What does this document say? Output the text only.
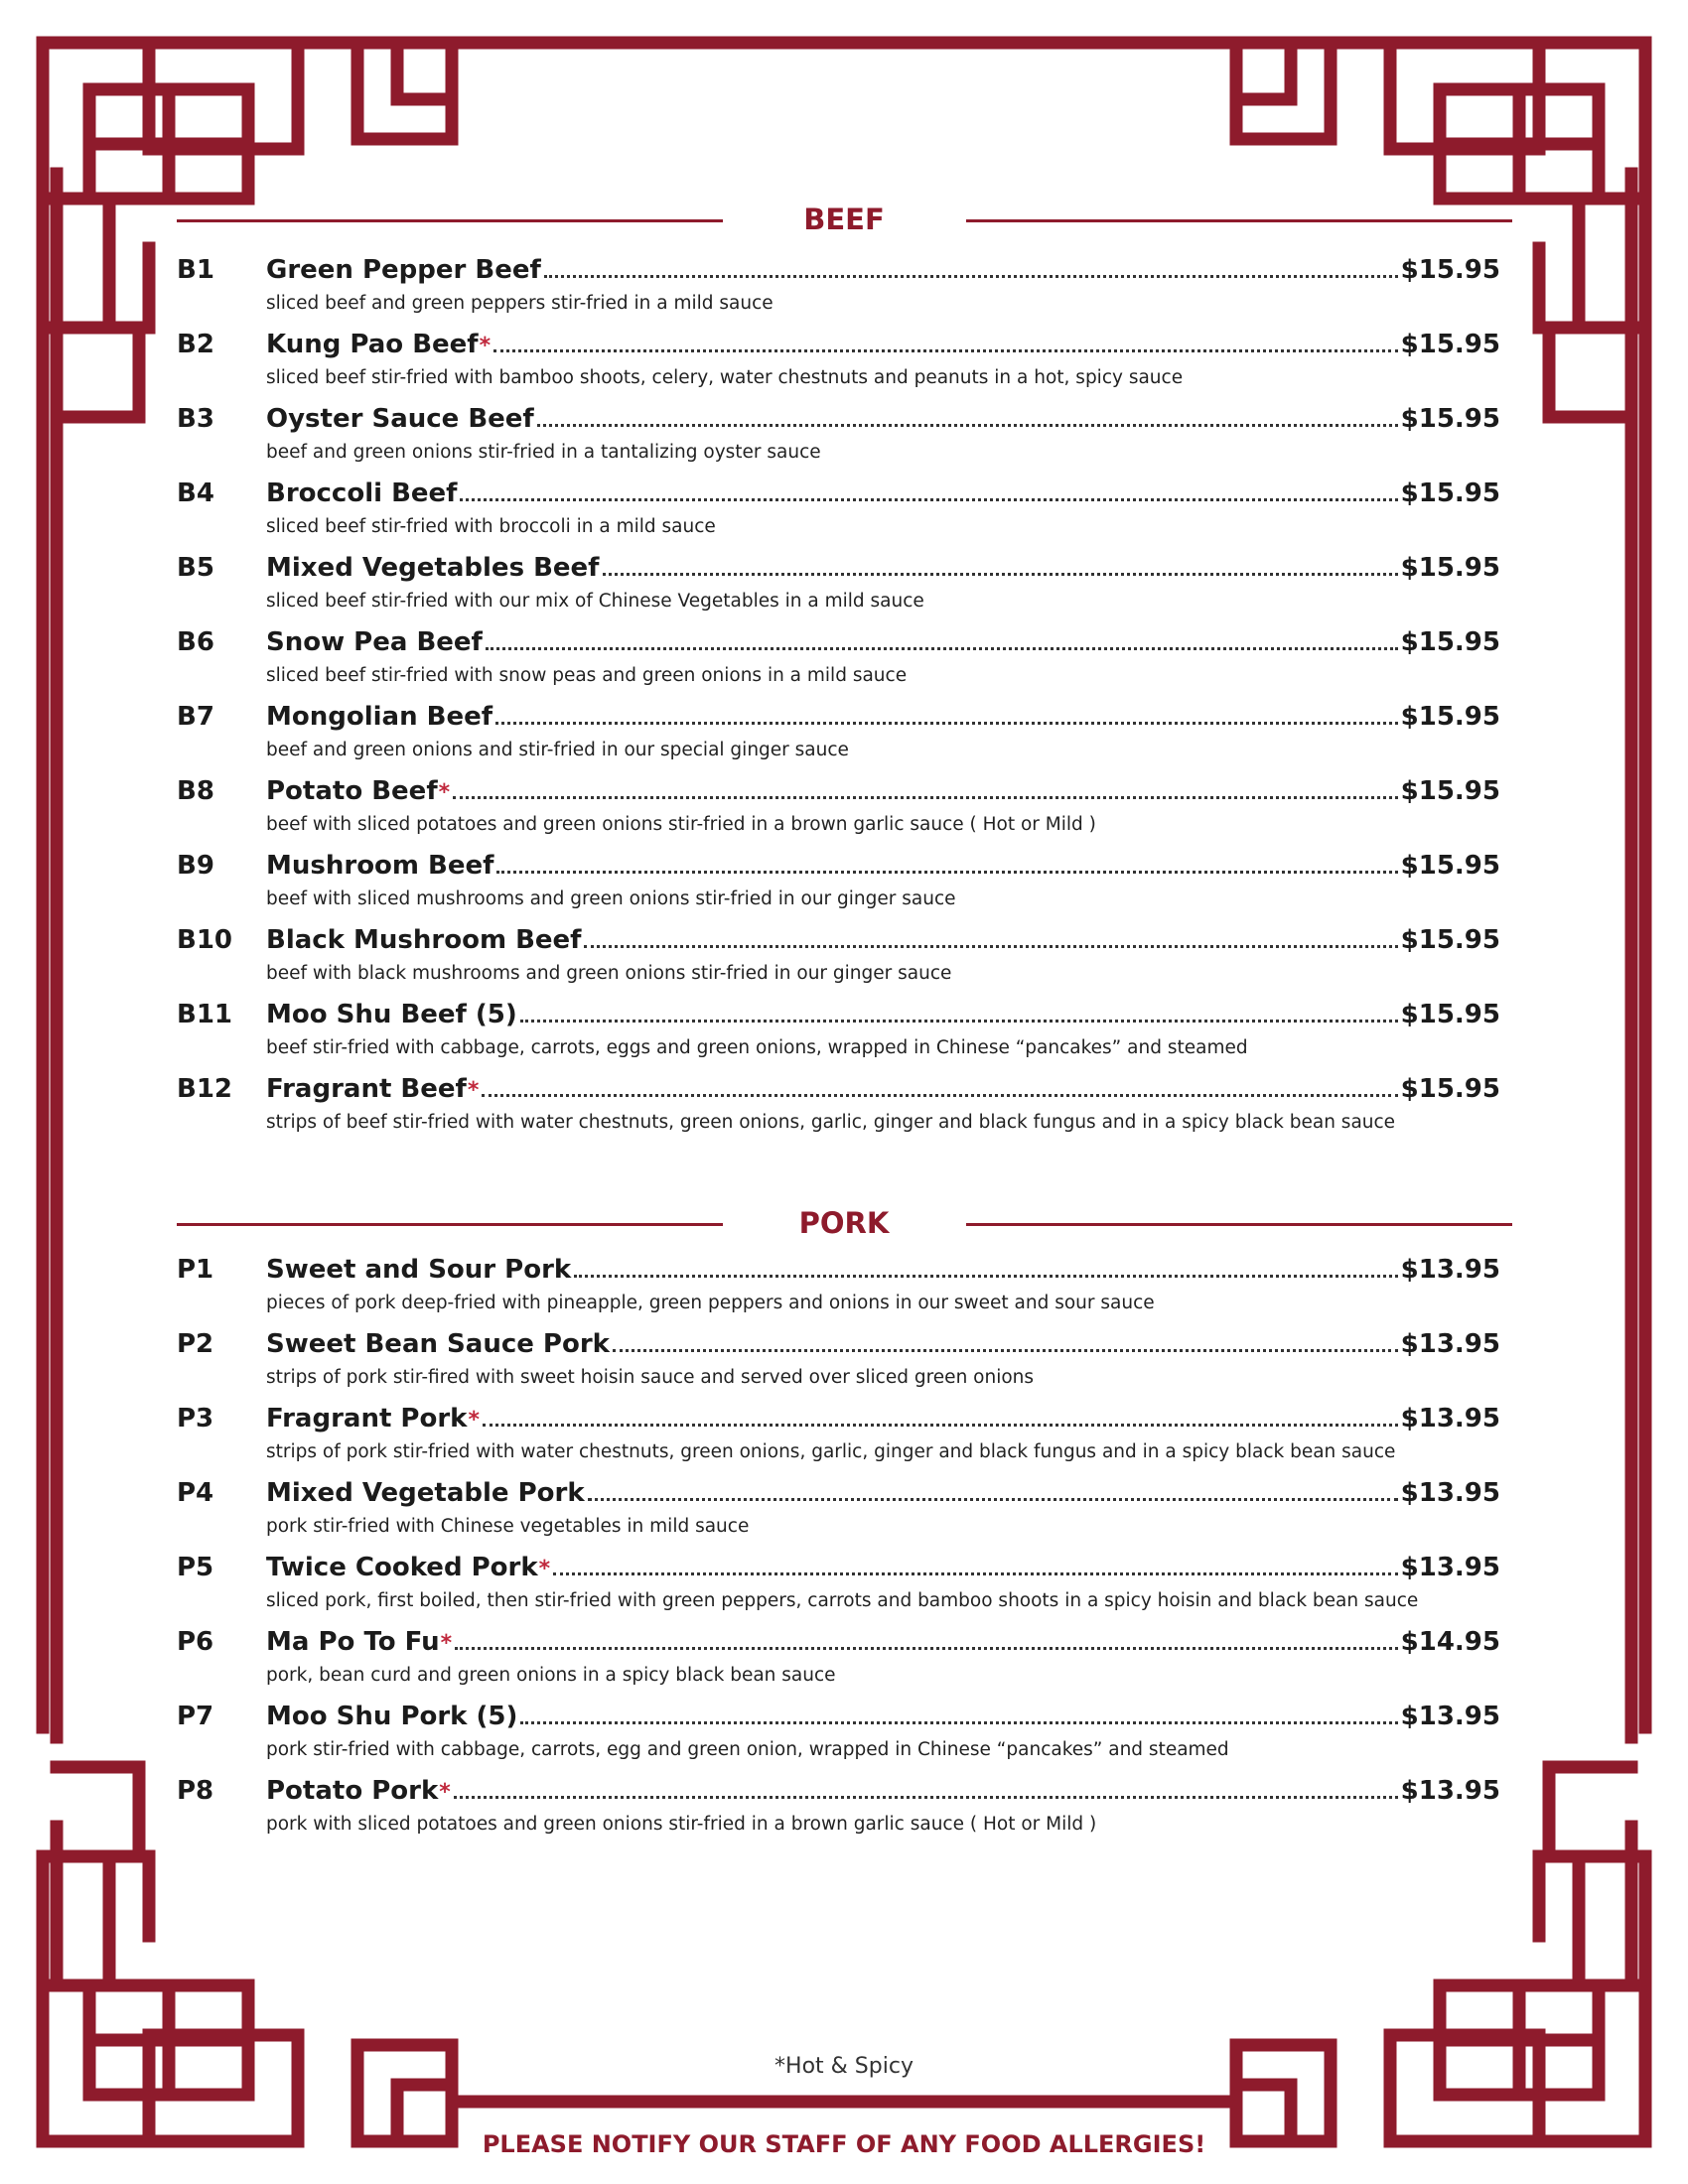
BEEF
B1 Green Pepper Beef	$15.95
sliced beef and green peppers stir-fried in a mild sauce
B2 Kung Pao Beef *	$15.95
sliced beef stir-fried with bamboo shoots, celery, water chestnuts and peanuts in a hot, spicy sauce
B3 Oyster Sauce Beef	$15.95
beef and green onions stir-fried in a tantalizing oyster sauce
B4 Broccoli Beef	$15.95
sliced beef stir-fried with broccoli in a mild sauce
B5 Mixed Vegetables Beef	$15.95
sliced beef stir-fried with our mix of Chinese Vegetables in a mild sauce
B6 Snow Pea Beef	$15.95
sliced beef stir-fried with snow peas and green onions in a mild sauce
B7 Mongolian Beef	$15.95
beef and green onions and stir-fried in our special ginger sauce
B8 Potato Beef *	$15.95
beef with sliced potatoes and green onions stir-fried in a brown garlic sauce ( Hot or Mild )
B9 Mushroom Beef	$15.95
beef with sliced mushrooms and green onions stir-fried in our ginger sauce
B10 Black Mushroom Beef	$15.95
beef with black mushrooms and green onions stir-fried in our ginger sauce
B11 Moo Shu Beef (5)	$15.95
beef stir-fried with cabbage, carrots, eggs and green onions, wrapped in Chinese “pancakes” and steamed
B12 Fragrant Beef *	$15.95
strips of beef stir-fried with water chestnuts, green onions, garlic, ginger and black fungus and in a spicy black bean sauce
PORK
P1 Sweet and Sour Pork	$13.95
pieces of pork deep-fried with pineapple, green peppers and onions in our sweet and sour sauce
P2 Sweet Bean Sauce Pork	$13.95
strips of pork stir-fired with sweet hoisin sauce and served over sliced green onions
P3 Fragrant Pork *	$13.95
strips of pork stir-fried with water chestnuts, green onions, garlic, ginger and black fungus and in a spicy black bean sauce
P4 Mixed Vegetable Pork	$13.95
pork stir-fried with Chinese vegetables in mild sauce
P5 Twice Cooked Pork *	$13.95
sliced pork, first boiled, then stir-fried with green peppers, carrots and bamboo shoots in a spicy hoisin and black bean sauce
P6 Ma Po To Fu *	$14.95
pork, bean curd and green onions in a spicy black bean sauce
P7 Moo Shu Pork (5)	$13.95
pork stir-fried with cabbage, carrots, egg and green onion, wrapped in Chinese “pancakes” and steamed
P8 Potato Pork *	$13.95
pork with sliced potatoes and green onions stir-fried in a brown garlic sauce ( Hot or Mild )
*Hot & Spicy
PLEASE NOTIFY OUR STAFF OF ANY FOOD ALLERGIES!
